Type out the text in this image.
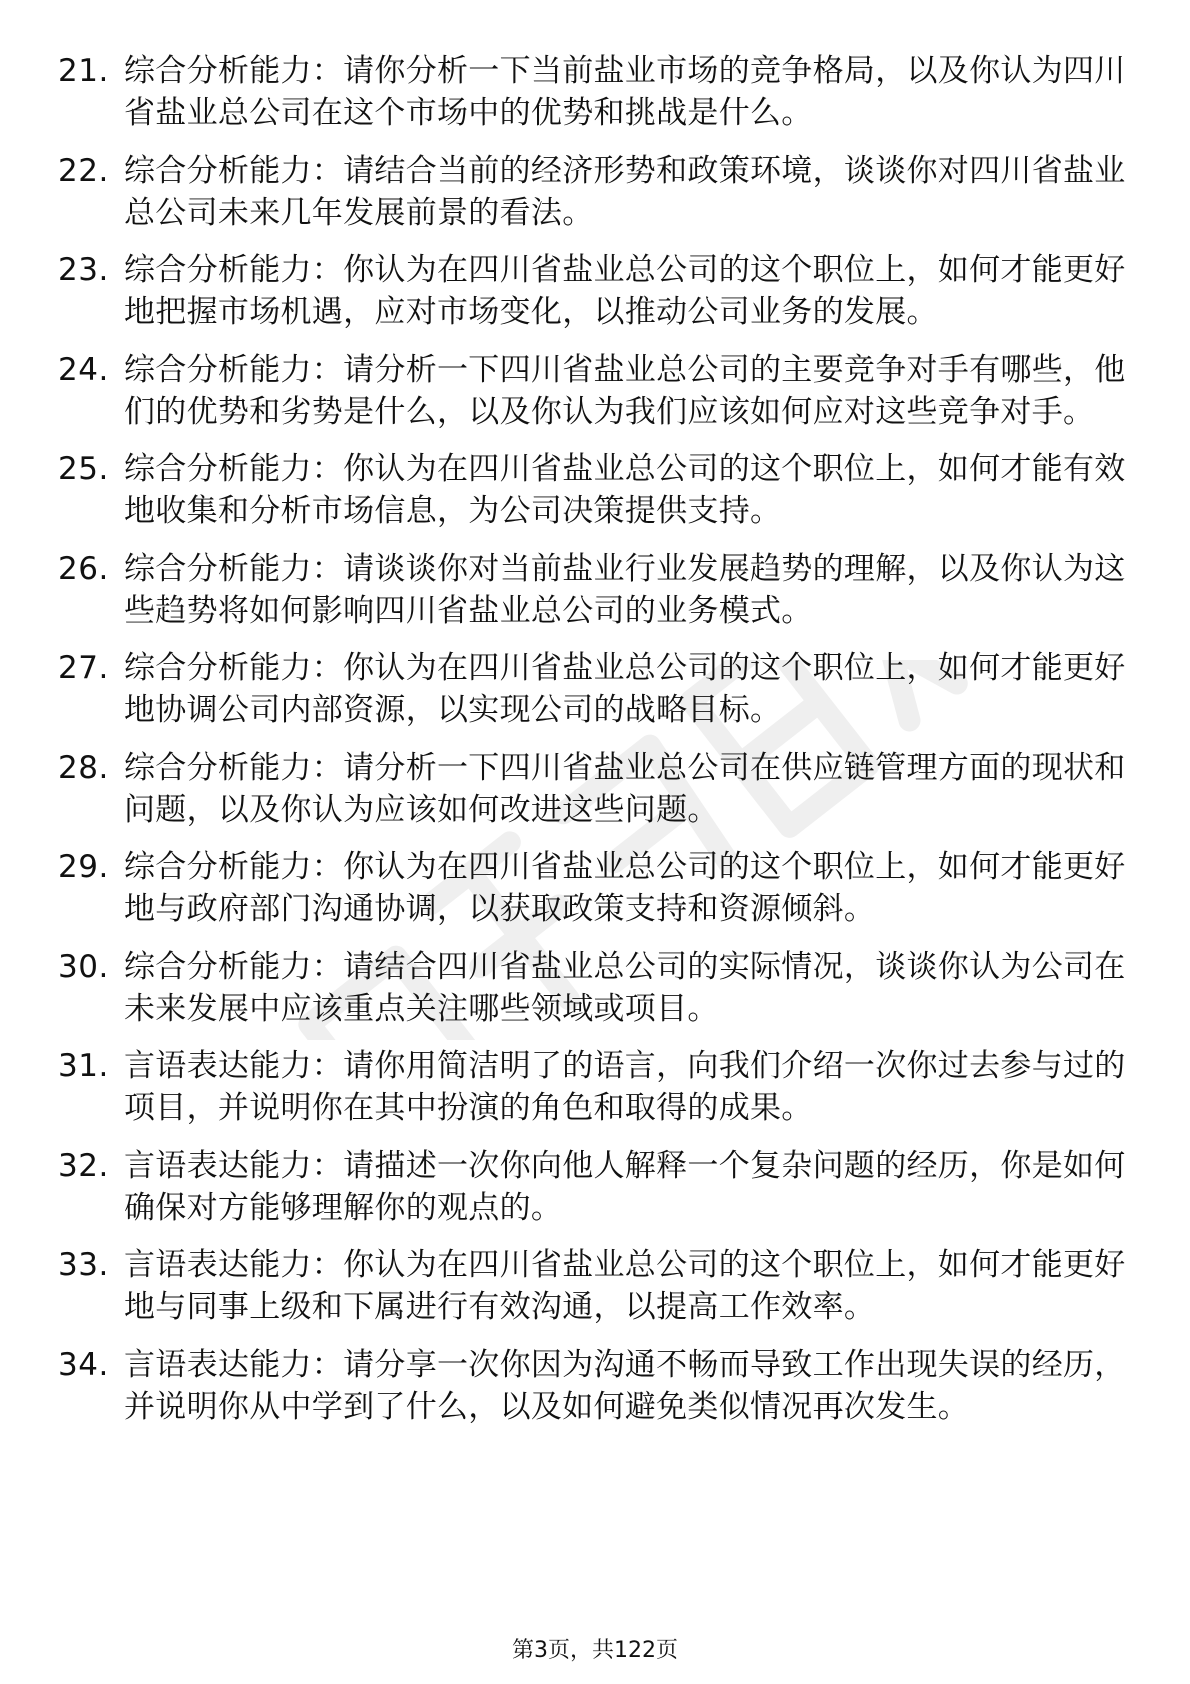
21. 综合分析能力：请你分析一下当前盐业市场的竞争格局，以及你认为四川省盐业总公司在这个市场中的优势和挑战是什么。
22. 综合分析能力：请结合当前的经济形势和政策环境，谈谈你对四川省盐业总公司未来几年发展前景的看法。
23. 综合分析能力：你认为在四川省盐业总公司的这个职位上，如何才能更好地把握市场机遇，应对市场变化，以推动公司业务的发展。
24. 综合分析能力：请分析一下四川省盐业总公司的主要竞争对手有哪些，他们的优势和劣势是什么，以及你认为我们应该如何应对这些竞争对手。
25. 综合分析能力：你认为在四川省盐业总公司的这个职位上，如何才能有效地收集和分析市场信息，为公司决策提供支持。
26. 综合分析能力：请谈谈你对当前盐业行业发展趋势的理解，以及你认为这些趋势将如何影响四川省盐业总公司的业务模式。
27. 综合分析能力：你认为在四川省盐业总公司的这个职位上，如何才能更好地协调公司内部资源，以实现公司的战略目标。
28. 综合分析能力：请分析一下四川省盐业总公司在供应链管理方面的现状和问题，以及你认为应该如何改进这些问题。
29. 综合分析能力：你认为在四川省盐业总公司的这个职位上，如何才能更好地与政府部门沟通协调，以获取政策支持和资源倾斜。
30. 综合分析能力：请结合四川省盐业总公司的实际情况，谈谈你认为公司在未来发展中应该重点关注哪些领域或项目。
31. 言语表达能力：请你用简洁明了的语言，向我们介绍一次你过去参与过的项目，并说明你在其中扮演的角色和取得的成果。
32. 言语表达能力：请描述一次你向他人解释一个复杂问题的经历，你是如何确保对方能够理解你的观点的。
33. 言语表达能力：你认为在四川省盐业总公司的这个职位上，如何才能更好地与同事上级和下属进行有效沟通，以提高工作效率。
34. 言语表达能力：请分享一次你因为沟通不畅而导致工作出现失误的经历，并说明你从中学到了什么，以及如何避免类似情况再次发生。
第3页，共122页
